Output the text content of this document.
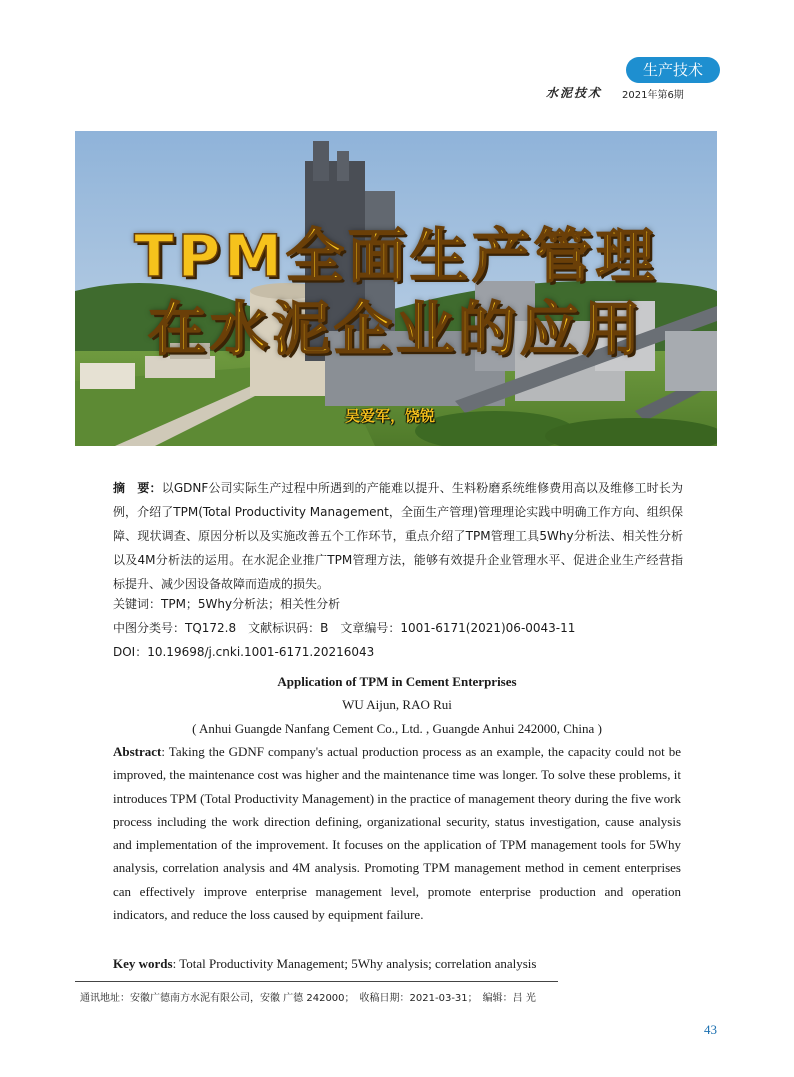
生产技术
水泥技术 2021年第6期
TPM全面生产管理
在水泥企业的应用
吴爱军，饶锐
摘　要：以GDNF公司实际生产过程中所遇到的产能难以提升、生料粉磨系统维修费用高以及维修工时长为例，介绍了TPM(Total Productivity Management，全面生产管理)管理理论实践中明确工作方向、组织保障、现状调查、原因分析以及实施改善五个工作环节，重点介绍了TPM管理工具5Why分析法、相关性分析以及4M分析法的运用。在水泥企业推广TPM管理方法，能够有效提升企业管理水平、促进企业生产经营指标提升、减少因设备故障而造成的损失。
关键词：TPM；5Why分析法；相关性分析
中图分类号：TQ172.8　文献标识码：B　文章编号：1001-6171(2021)06-0043-11
DOI：10.19698/j.cnki.1001-6171.20216043
Application of TPM in Cement Enterprises
WU Aijun, RAO Rui
( Anhui Guangde Nanfang Cement Co., Ltd. , Guangde Anhui 242000, China )
Abstract: Taking the GDNF company's actual production process as an example, the capacity could not be improved, the maintenance cost was higher and the maintenance time was longer. To solve these problems, it introduces TPM (Total Productivity Management) in the practice of management theory during the five work process including the work direction defining, organizational security, status investigation, cause analysis and implementation of the improvement. It focuses on the application of TPM management tools for 5Why analysis, correlation analysis and 4M analysis. Promoting TPM management method in cement enterprises can effectively improve enterprise management level, promote enterprise production and operation indicators, and reduce the loss caused by equipment failure.
Key words: Total Productivity Management; 5Why analysis; correlation analysis
通讯地址：安徽广德南方水泥有限公司，安徽 广德 242000；　收稿日期：2021-03-31；　编辑：吕 光
43
